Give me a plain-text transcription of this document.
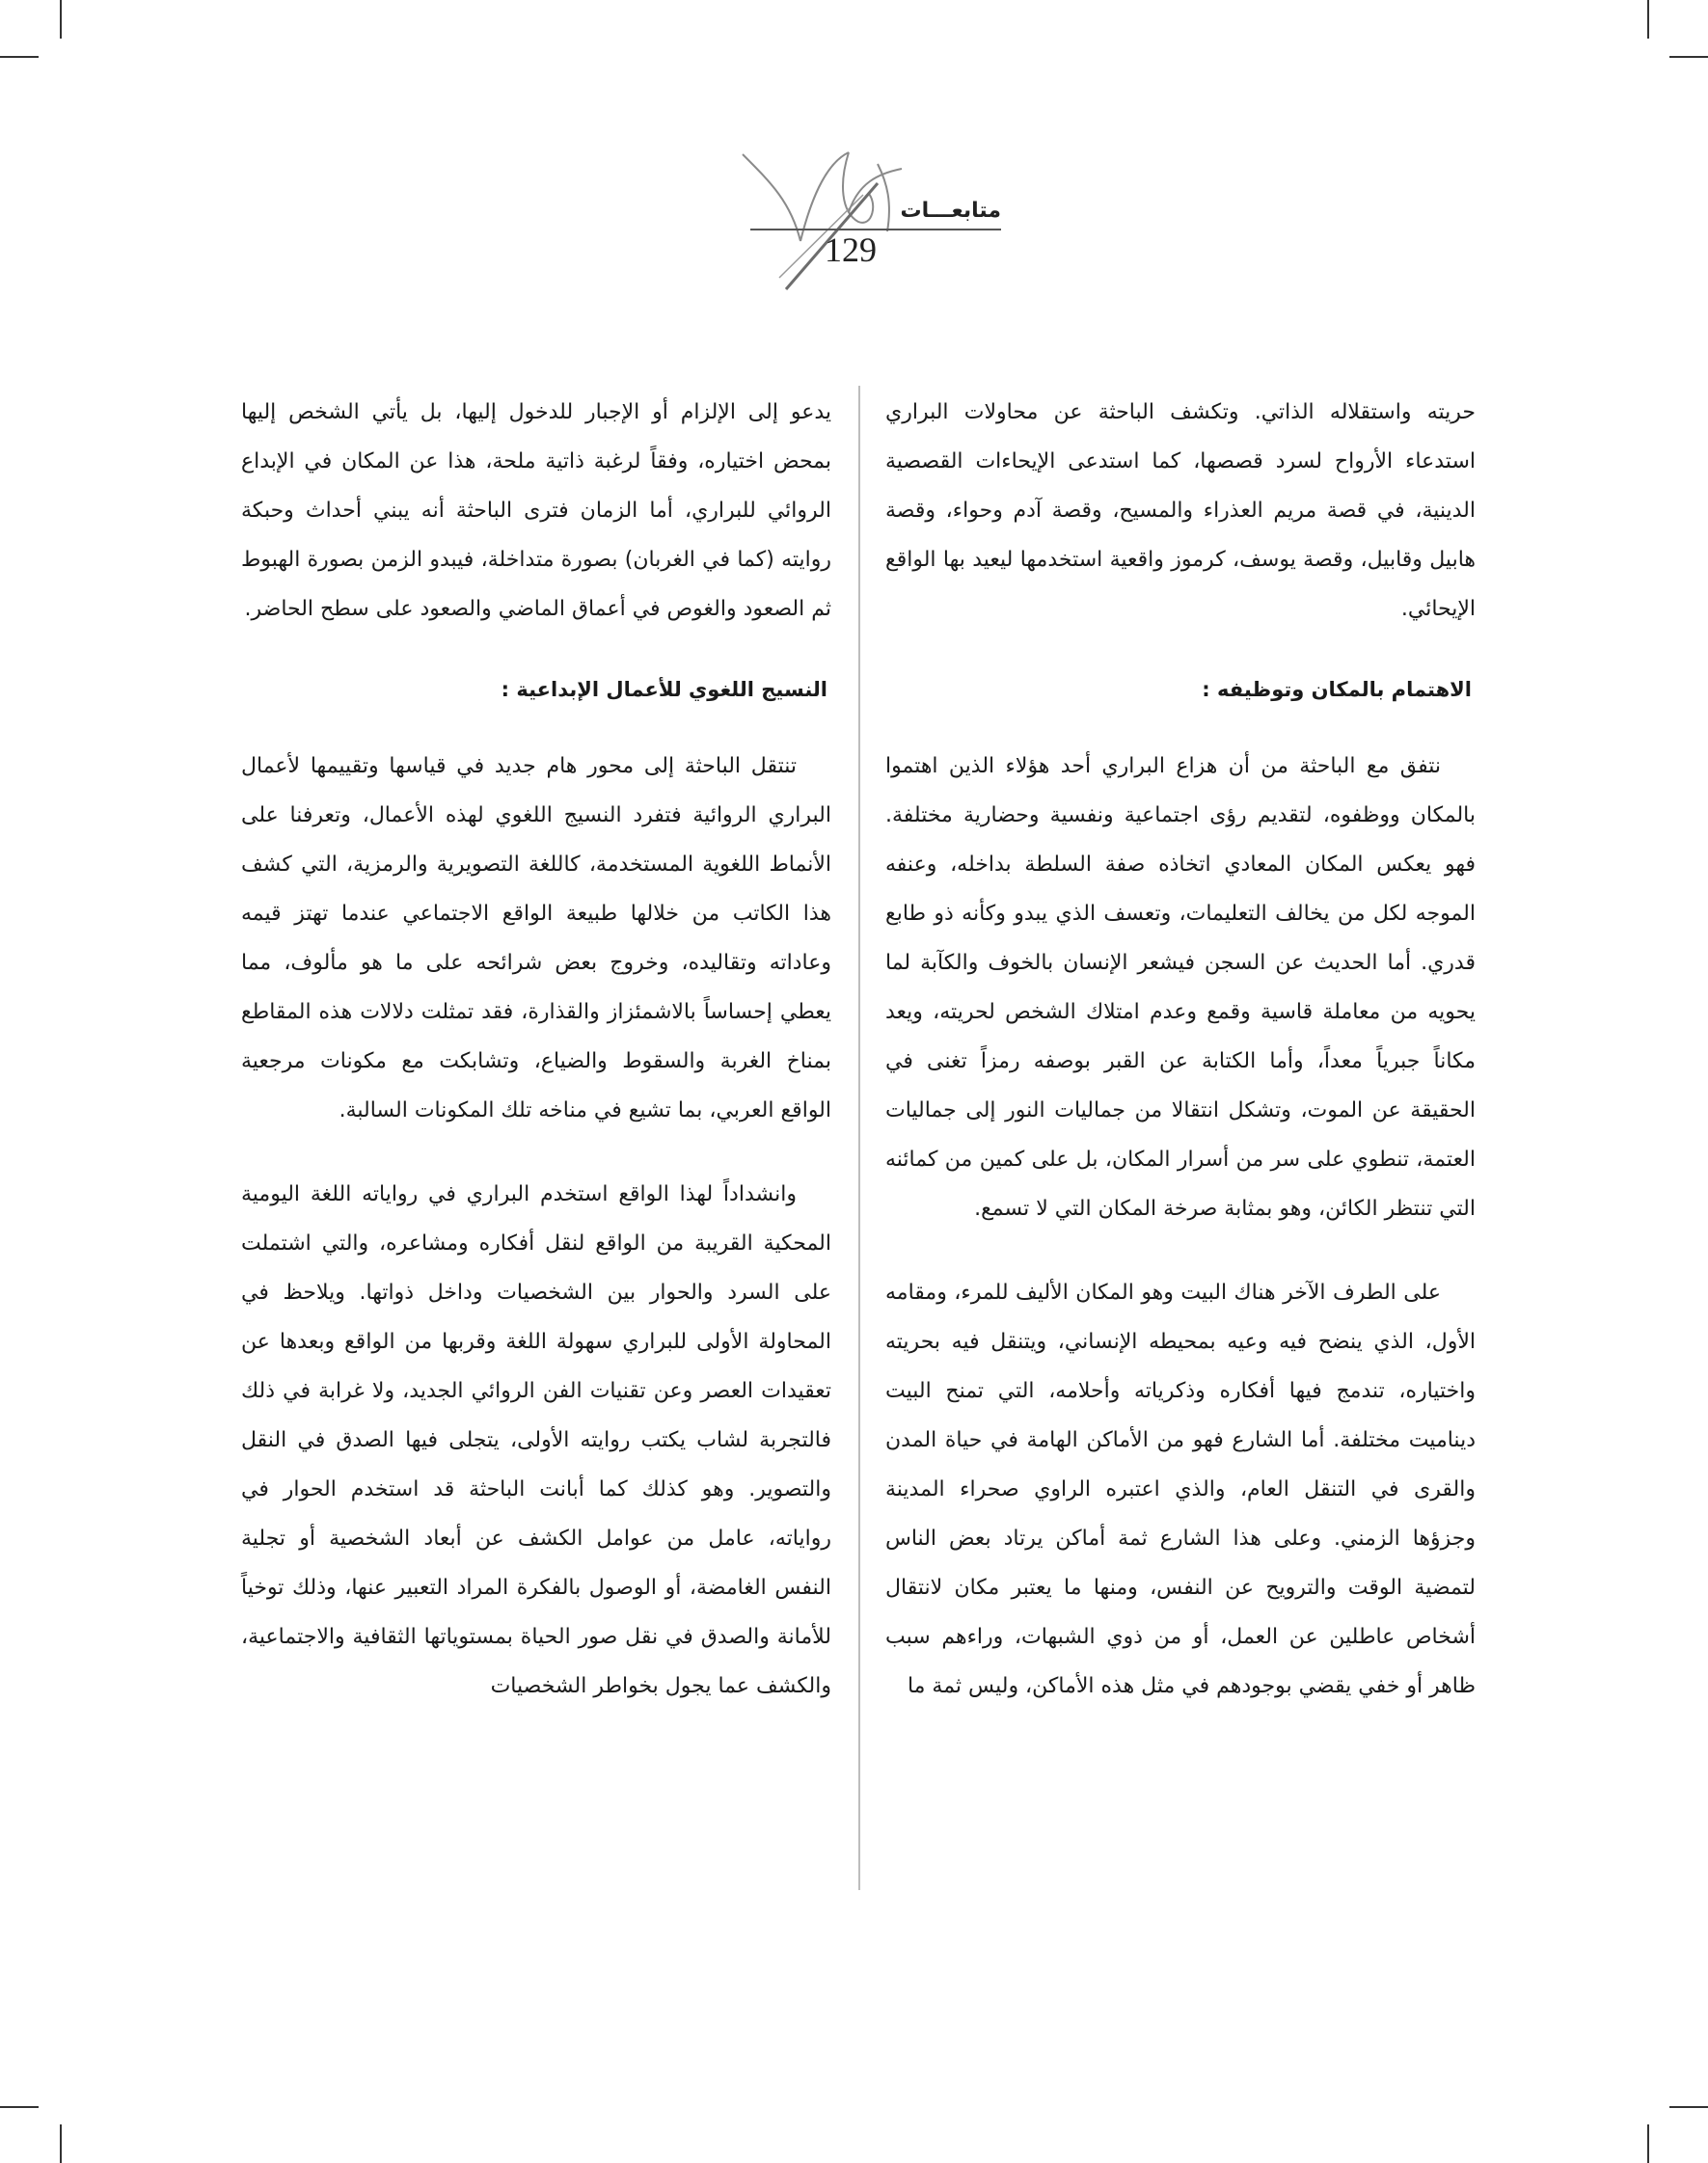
متابعـــات
129

حريته واستقلاله الذاتي. وتكشف الباحثة عن محاولات البراري استدعاء الأرواح لسرد قصصها، كما استدعى الإيحاءات القصصية الدينية، في قصة مريم العذراء والمسيح، وقصة آدم وحواء، وقصة هابيل وقابيل، وقصة يوسف، كرموز واقعية استخدمها ليعيد بها الواقع الإيحائي.

الاهتمام بالمكان وتوظيفه :

نتفق مع الباحثة من أن هزاع البراري أحد هؤلاء الذين اهتموا بالمكان ووظفوه، لتقديم رؤى اجتماعية ونفسية وحضارية مختلفة. فهو يعكس المكان المعادي اتخاذه صفة السلطة بداخله، وعنفه الموجه لكل من يخالف التعليمات، وتعسف الذي يبدو وكأنه ذو طابع قدري. أما الحديث عن السجن فيشعر الإنسان بالخوف والكآبة لما يحويه من معاملة قاسية وقمع وعدم امتلاك الشخص لحريته، ويعد مكاناً جبرياً معداً، وأما الكتابة عن القبر بوصفه رمزاً تغنى في الحقيقة عن الموت، وتشكل انتقالا من جماليات النور إلى جماليات العتمة، تنطوي على سر من أسرار المكان، بل على كمين من كمائنه التي تنتظر الكائن، وهو بمثابة صرخة المكان التي لا تسمع.

على الطرف الآخر هناك البيت وهو المكان الأليف للمرء، ومقامه الأول، الذي ينضح فيه وعيه بمحيطه الإنساني، ويتنقل فيه بحريته واختياره، تندمج فيها أفكاره وذكرياته وأحلامه، التي تمنح البيت ديناميت مختلفة. أما الشارع فهو من الأماكن الهامة في حياة المدن والقرى في التنقل العام، والذي اعتبره الراوي صحراء المدينة وجزؤها الزمني. وعلى هذا الشارع ثمة أماكن يرتاد بعض الناس لتمضية الوقت والترويح عن النفس، ومنها ما يعتبر مكان لانتقال أشخاص عاطلين عن العمل، أو من ذوي الشبهات، وراءهم سبب ظاهر أو خفي يقضي بوجودهم في مثل هذه الأماكن، وليس ثمة ما

يدعو إلى الإلزام أو الإجبار للدخول إليها، بل يأتي الشخص إليها بمحض اختياره، وفقاً لرغبة ذاتية ملحة، هذا عن المكان في الإبداع الروائي للبراري، أما الزمان فترى الباحثة أنه يبني أحداث وحبكة روايته (كما في الغربان) بصورة متداخلة، فيبدو الزمن بصورة الهبوط ثم الصعود والغوص في أعماق الماضي والصعود على سطح الحاضر.

النسيج اللغوي للأعمال الإبداعية :

تنتقل الباحثة إلى محور هام جديد في قياسها وتقييمها لأعمال البراري الروائية فتفرد النسيج اللغوي لهذه الأعمال، وتعرفنا على الأنماط اللغوية المستخدمة، كاللغة التصويرية والرمزية، التي كشف هذا الكاتب من خلالها طبيعة الواقع الاجتماعي عندما تهتز قيمه وعاداته وتقاليده، وخروج بعض شرائحه على ما هو مألوف، مما يعطي إحساساً بالاشمئزاز والقذارة، فقد تمثلت دلالات هذه المقاطع بمناخ الغربة والسقوط والضياع، وتشابكت مع مكونات مرجعية الواقع العربي، بما تشيع في مناخه تلك المكونات السالبة.

وانشداداً لهذا الواقع استخدم البراري في رواياته اللغة اليومية المحكية القريبة من الواقع لنقل أفكاره ومشاعره، والتي اشتملت على السرد والحوار بين الشخصيات وداخل ذواتها. ويلاحظ في المحاولة الأولى للبراري سهولة اللغة وقربها من الواقع وبعدها عن تعقيدات العصر وعن تقنيات الفن الروائي الجديد، ولا غرابة في ذلك فالتجربة لشاب يكتب روايته الأولى، يتجلى فيها الصدق في النقل والتصوير. وهو كذلك كما أبانت الباحثة قد استخدم الحوار في رواياته، عامل من عوامل الكشف عن أبعاد الشخصية أو تجلية النفس الغامضة، أو الوصول بالفكرة المراد التعبير عنها، وذلك توخياً للأمانة والصدق في نقل صور الحياة بمستوياتها الثقافية والاجتماعية، والكشف عما يجول بخواطر الشخصيات
